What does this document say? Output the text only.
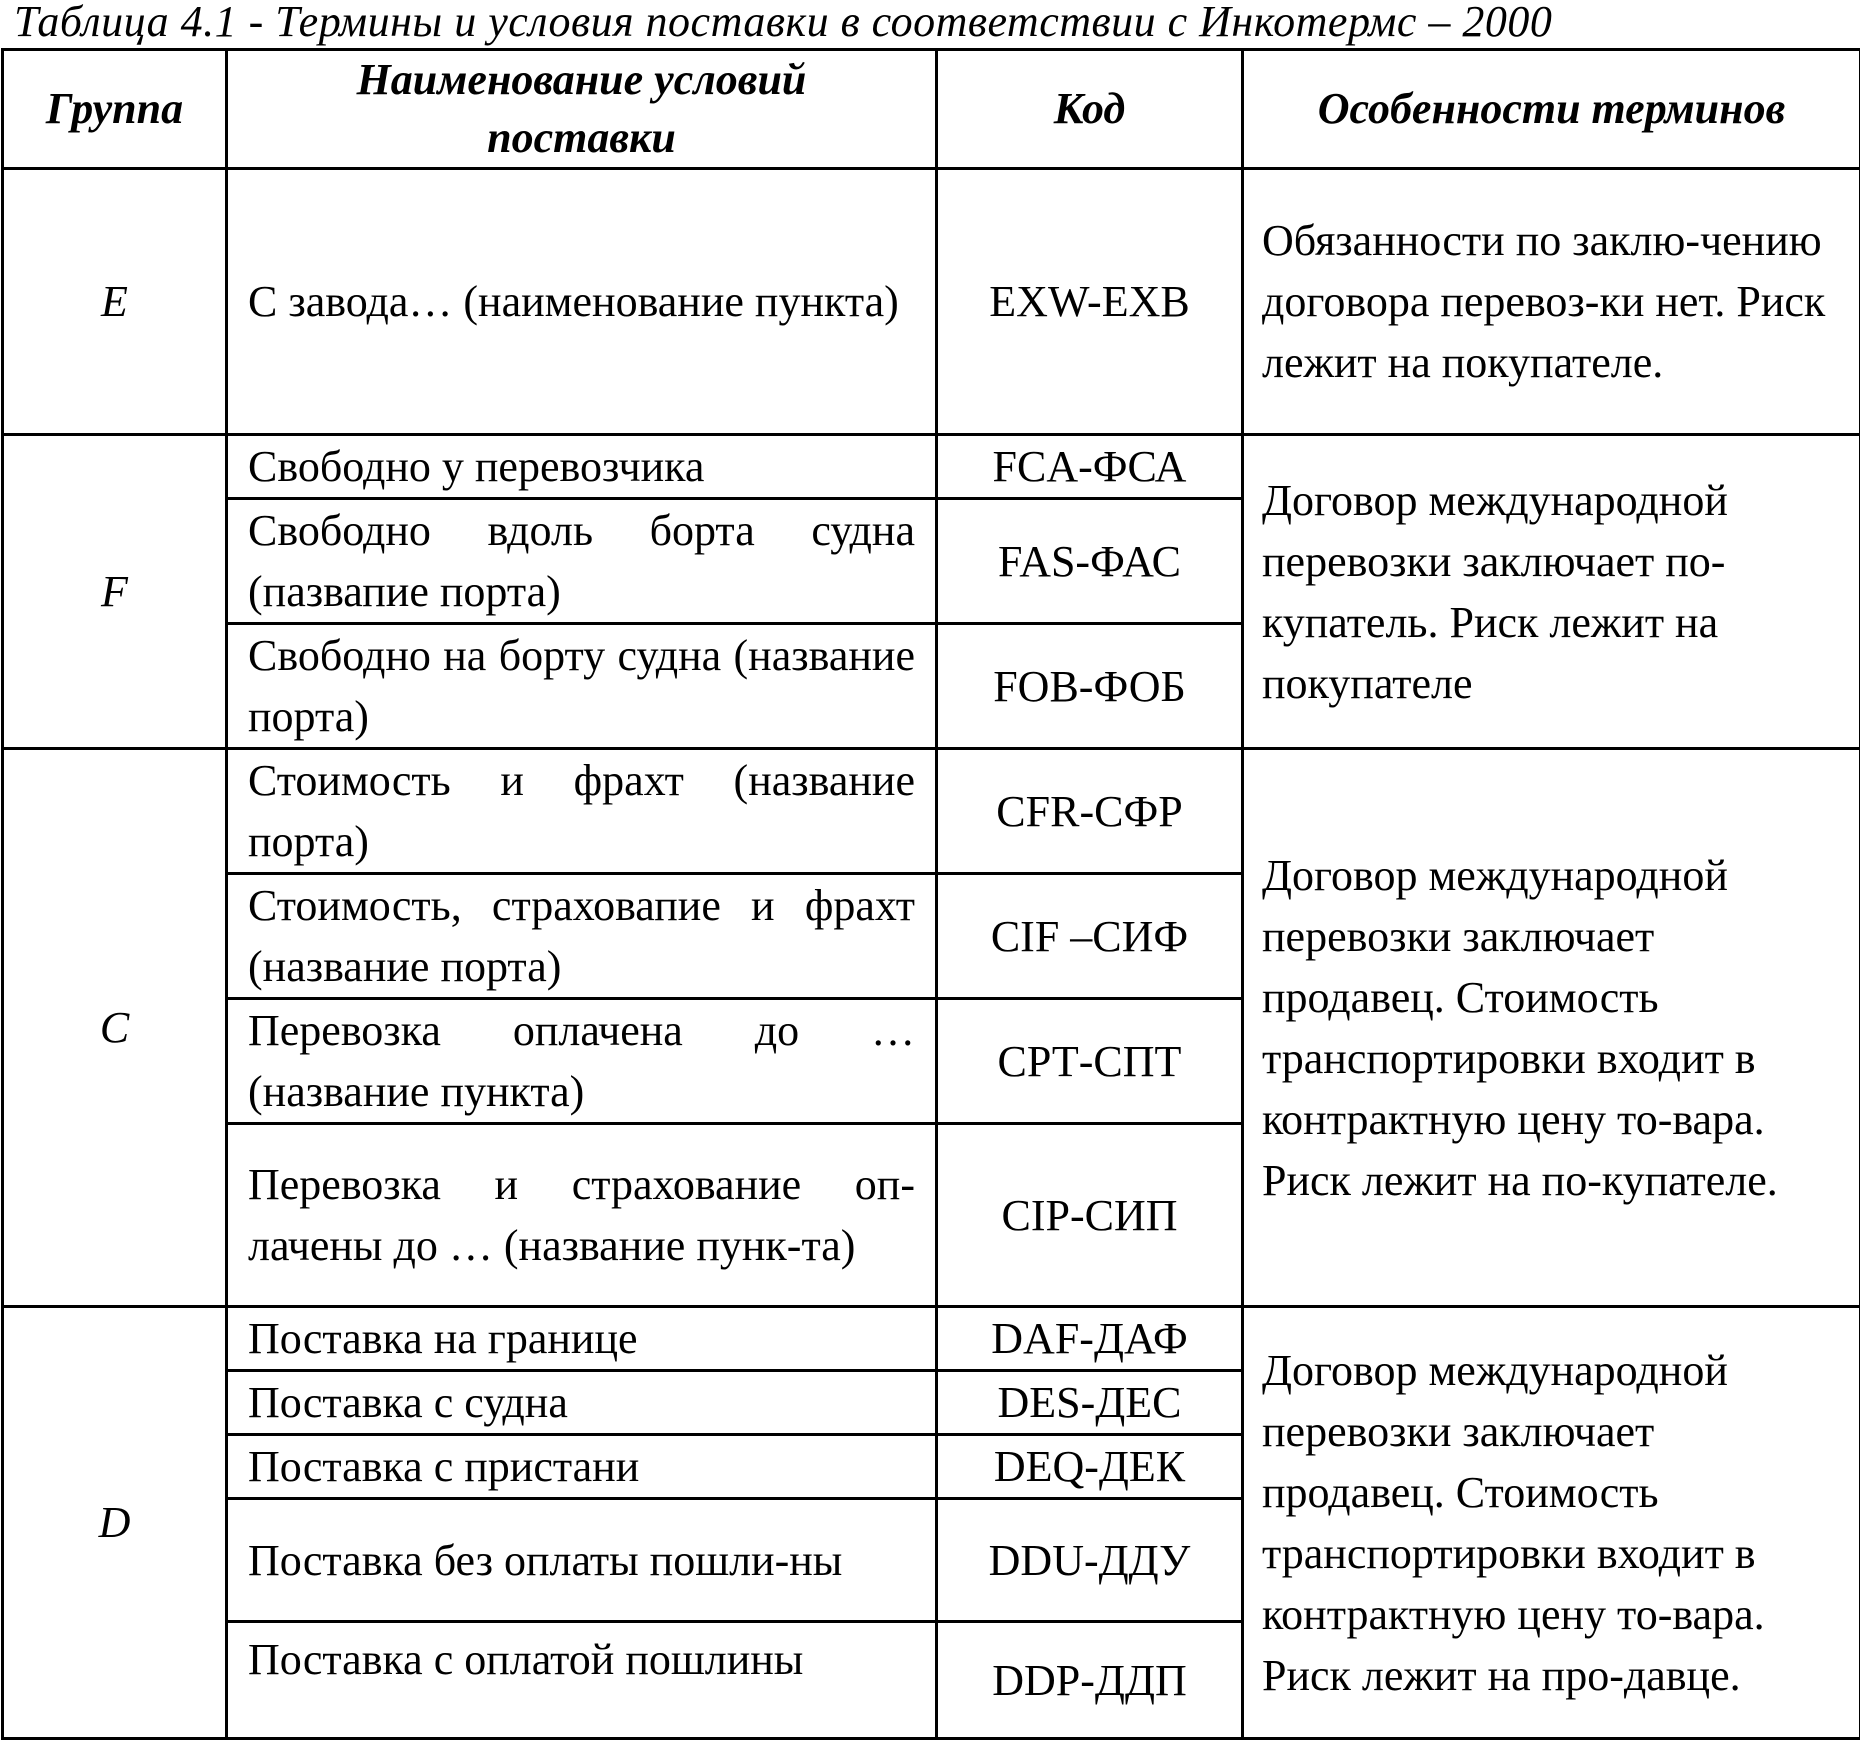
Таблица 4.1 - Термины и условия поставки в соответствии с Инкотермс – 2000
Группа	Наименование условий поставки	Код	Особенности терминов
E	С завода… (наименование пункта)	EXW-ЕХВ	Обязанности по заклю-чению договора перевоз-ки нет. Риск лежит на покупателе.
F	Свободно у перевозчика	FCA-ФСА	Договор международной перевозки заключает по-купатель. Риск лежит на покупателе
	Свободно вдоль борта судна (пазвапие порта)	FAS-ФАС	
	Свободно на борту судна (название порта)	FOB-ФОБ	
C	Стоимость и фрахт (название порта)	CFR-СФР	Договор международной перевозки заключает продавец. Стоимость транспортировки входит в контрактную цену то-вара. Риск лежит на по-купателе.
	Стоимость, страховапие и фрахт (название порта)	CIF –СИФ	
	Перевозка оплачена до … (название пункта)	СРТ-СПТ	
	Перевозка и страхование оп-лачены до … (название пунк-та)	CIP-СИП	
D	Поставка на границе	DAF-ДАФ	Договор международной перевозки заключает продавец. Стоимость транспортировки входит в контрактную цену то-вара. Риск лежит на про-давце.
	Поставка с судна	DES-ДЕС	
	Поставка с пристани	DEQ-ДЕК	
	Поставка без оплаты пошли-ны	DDU-ДДУ	
	Поставка с оплатой пошлины	DDP-ДДП	
